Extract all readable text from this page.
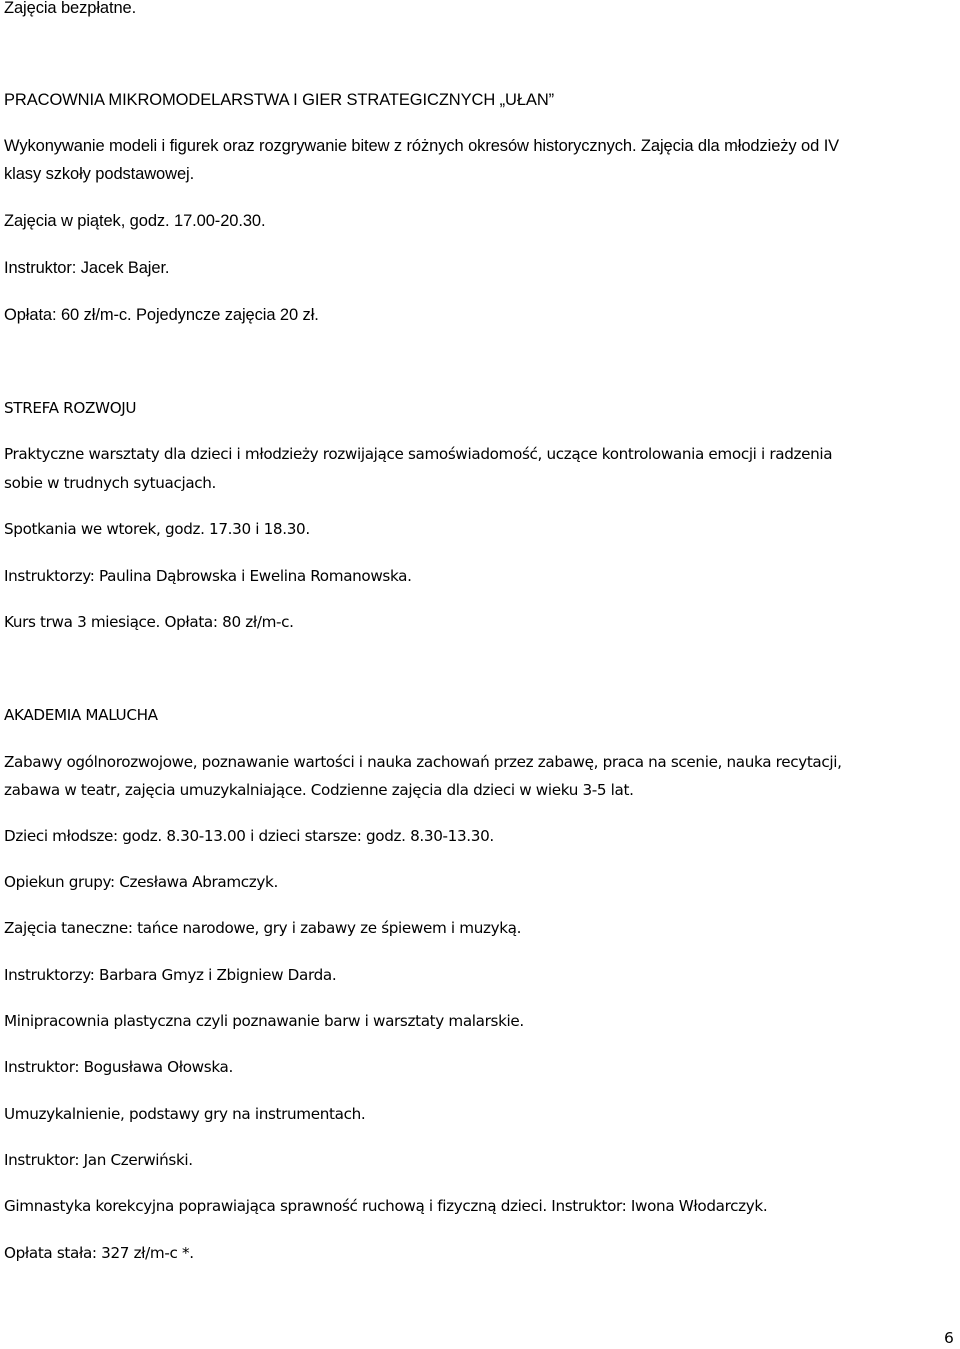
Zajęcia bezpłatne.

PRACOWNIA MIKROMODELARSTWA I GIER STRATEGICZNYCH „UŁAN”

Wykonywanie modeli i figurek oraz rozgrywanie bitew z różnych okresów historycznych. Zajęcia dla młodzieży od IV

klasy szkoły podstawowej.

Zajęcia w piątek, godz. 17.00-20.30.

Instruktor: Jacek Bajer.

Opłata: 60 zł/m-c. Pojedyncze zajęcia 20 zł.

STREFA ROZWOJU

Praktyczne warsztaty dla dzieci i młodzieży rozwijające samoświadomość, uczące kontrolowania emocji i radzenia

sobie w trudnych sytuacjach.

Spotkania we wtorek, godz. 17.30 i 18.30.

Instruktorzy: Paulina Dąbrowska i Ewelina Romanowska.

Kurs trwa 3 miesiące. Opłata: 80 zł/m-c.

AKADEMIA MALUCHA

Zabawy ogólnorozwojowe, poznawanie wartości i nauka zachowań przez zabawę, praca na scenie, nauka recytacji,

zabawa w teatr, zajęcia umuzykalniające. Codzienne zajęcia dla dzieci w wieku 3-5 lat.

Dzieci młodsze: godz. 8.30-13.00 i dzieci starsze: godz. 8.30-13.30.

Opiekun grupy: Czesława Abramczyk.

Zajęcia taneczne: tańce narodowe, gry i zabawy ze śpiewem i muzyką.

Instruktorzy: Barbara Gmyz i Zbigniew Darda.

Minipracownia plastyczna czyli poznawanie barw i warsztaty malarskie.

Instruktor: Bogusława Ołowska.

Umuzykalnienie, podstawy gry na instrumentach.

Instruktor: Jan Czerwiński.

Gimnastyka korekcyjna poprawiająca sprawność ruchową i fizyczną dzieci. Instruktor: Iwona Włodarczyk.

Opłata stała: 327 zł/m-c *.

6
